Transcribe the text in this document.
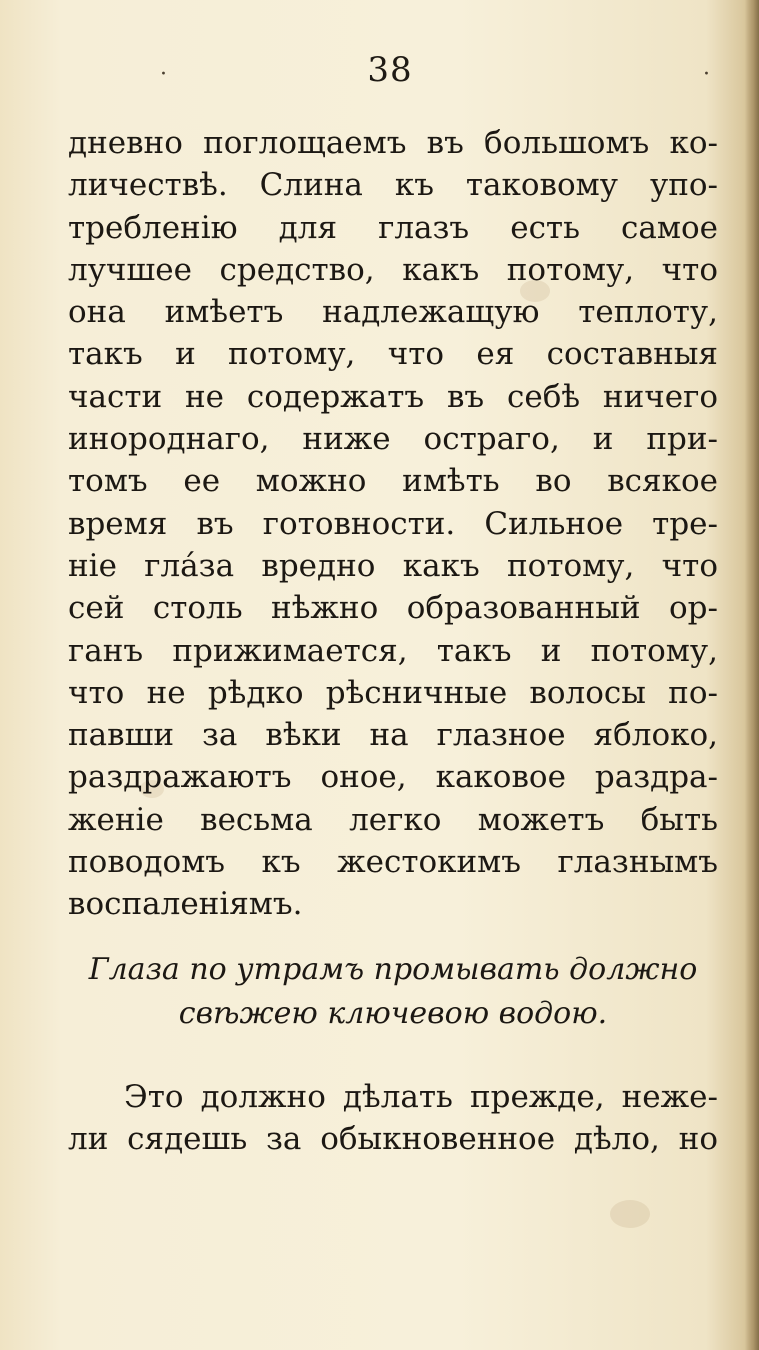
·	38	·
дневно поглощаемъ въ большомъ ко-
личествѣ. Слина къ таковому упо-
требленію для глазъ есть самое
лучшее средство, какъ потому, что
она имѣетъ надлежащую теплоту,
такъ и потому, что ея составныя
части не содержатъ въ себѣ ничего
инороднаго, ниже остраго, и при-
томъ ее можно имѣть во всякое
время въ готовности. Сильное тре-
ніе гла́за вредно какъ потому, что
сей столь нѣжно образованный ор-
ганъ прижимается, такъ и потому,
что не рѣдко рѣсничные волосы по-
павши за вѣки на глазное яблоко,
раздражаютъ оное, каковое раздра-
женіе весьма легко можетъ быть
поводомъ къ жестокимъ глазнымъ
воспаленіямъ.
Глаза по утрамъ промывать должно
свѣжею ключевою водою.
Это должно дѣлать прежде, неже-
ли сядешь за обыкновенное дѣло, но
